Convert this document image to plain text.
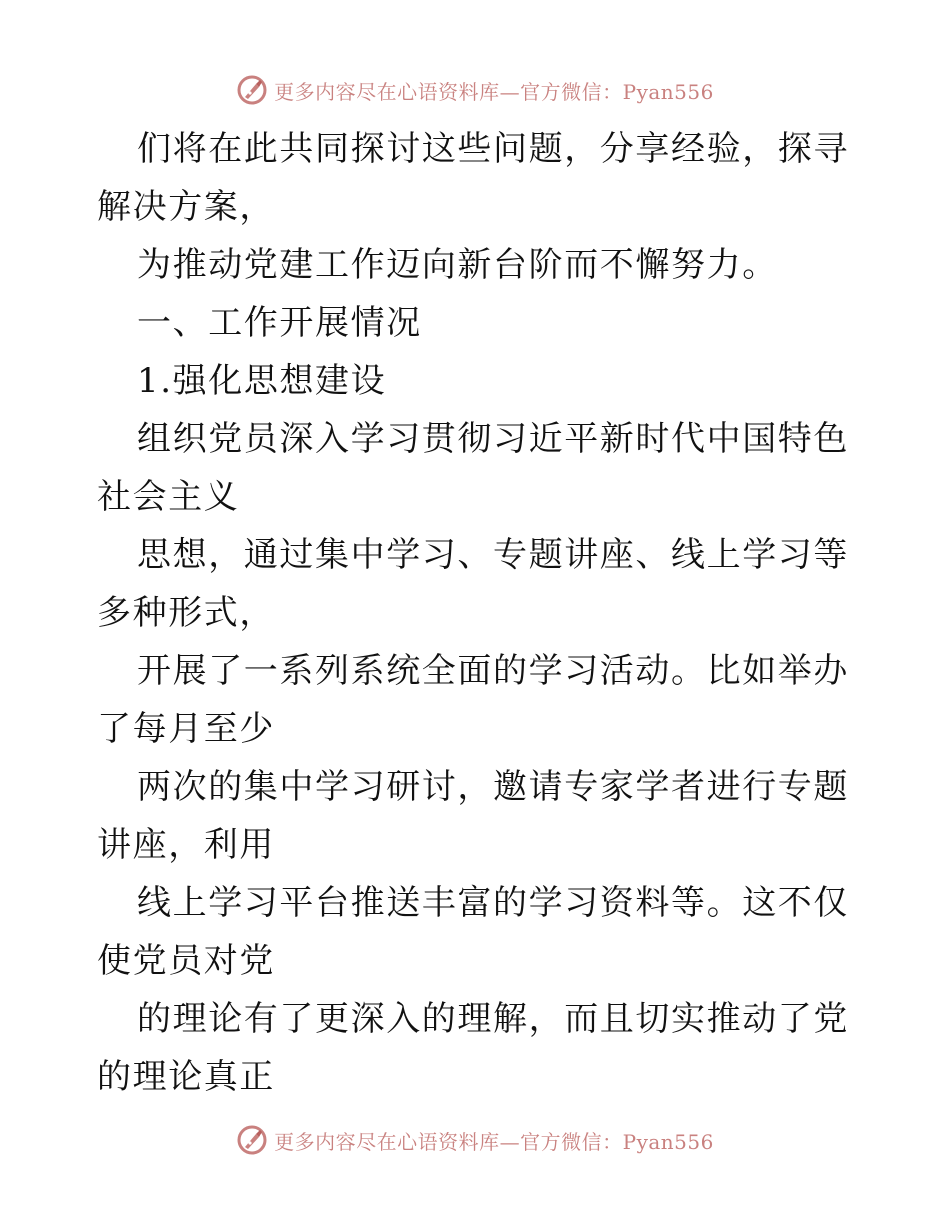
更多内容尽在心语资料库—官方微信：Pyan556

们将在此共同探讨这些问题，分享经验，探寻解决方案，

为推动党建工作迈向新台阶而不懈努力。

一、工作开展情况

1.强化思想建设

组织党员深入学习贯彻习近平新时代中国特色社会主义

思想，通过集中学习、专题讲座、线上学习等多种形式，

开展了一系列系统全面的学习活动。比如举办了每月至少

两次的集中学习研讨，邀请专家学者进行专题讲座，利用

线上学习平台推送丰富的学习资料等。这不仅使党员对党

的理论有了更深入的理解，而且切实推动了党的理论真正

更多内容尽在心语资料库—官方微信：Pyan556
